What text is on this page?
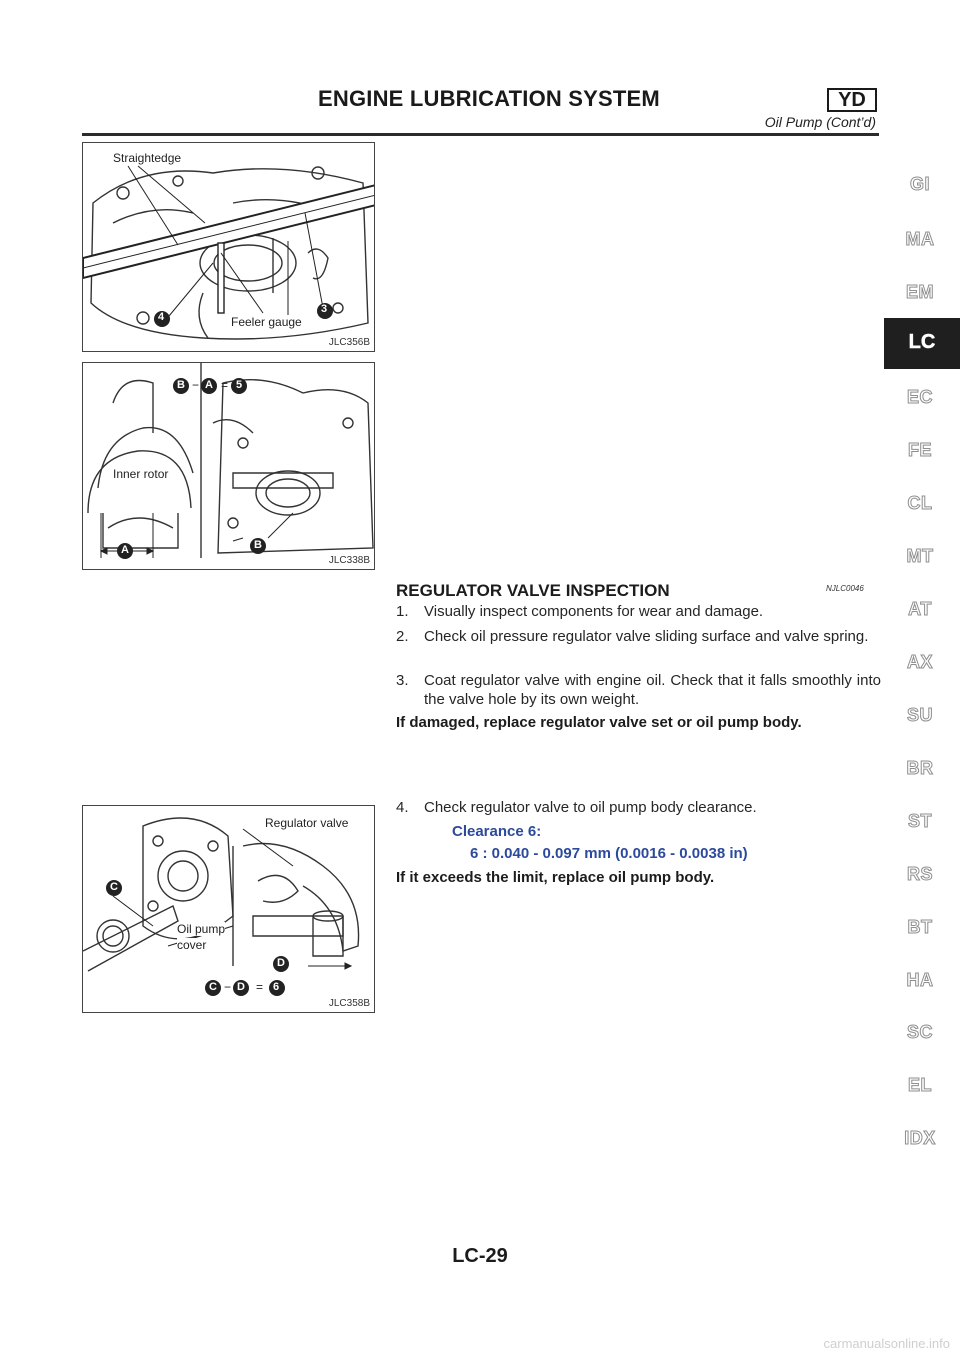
ENGINE LUBRICATION SYSTEM	YD
Oil Pump (Cont’d)
Straightedge
Feeler gauge
4
3
JLC356B
Inner rotor
B − A = 5
A	B
JLC338B
Regulator valve
Oil pump
cover
C
D
C − D = 6
JLC358B
REGULATOR VALVE INSPECTION	NJLC0046
1.	Visually inspect components for wear and damage.
2.	Check oil pressure regulator valve sliding surface and valve spring.
3.	Coat regulator valve with engine oil. Check that it falls smoothly into the valve hole by its own weight.
If damaged, replace regulator valve set or oil pump body.
4.	Check regulator valve to oil pump body clearance.
Clearance 6:
6 : 0.040 - 0.097 mm (0.0016 - 0.0038 in)
If it exceeds the limit, replace oil pump body.
GI
MA
EM
LC
EC
FE
CL
MT
AT
AX
SU
BR
ST
RS
BT
HA
SC
EL
IDX
LC-29
carmanualsonline.info
